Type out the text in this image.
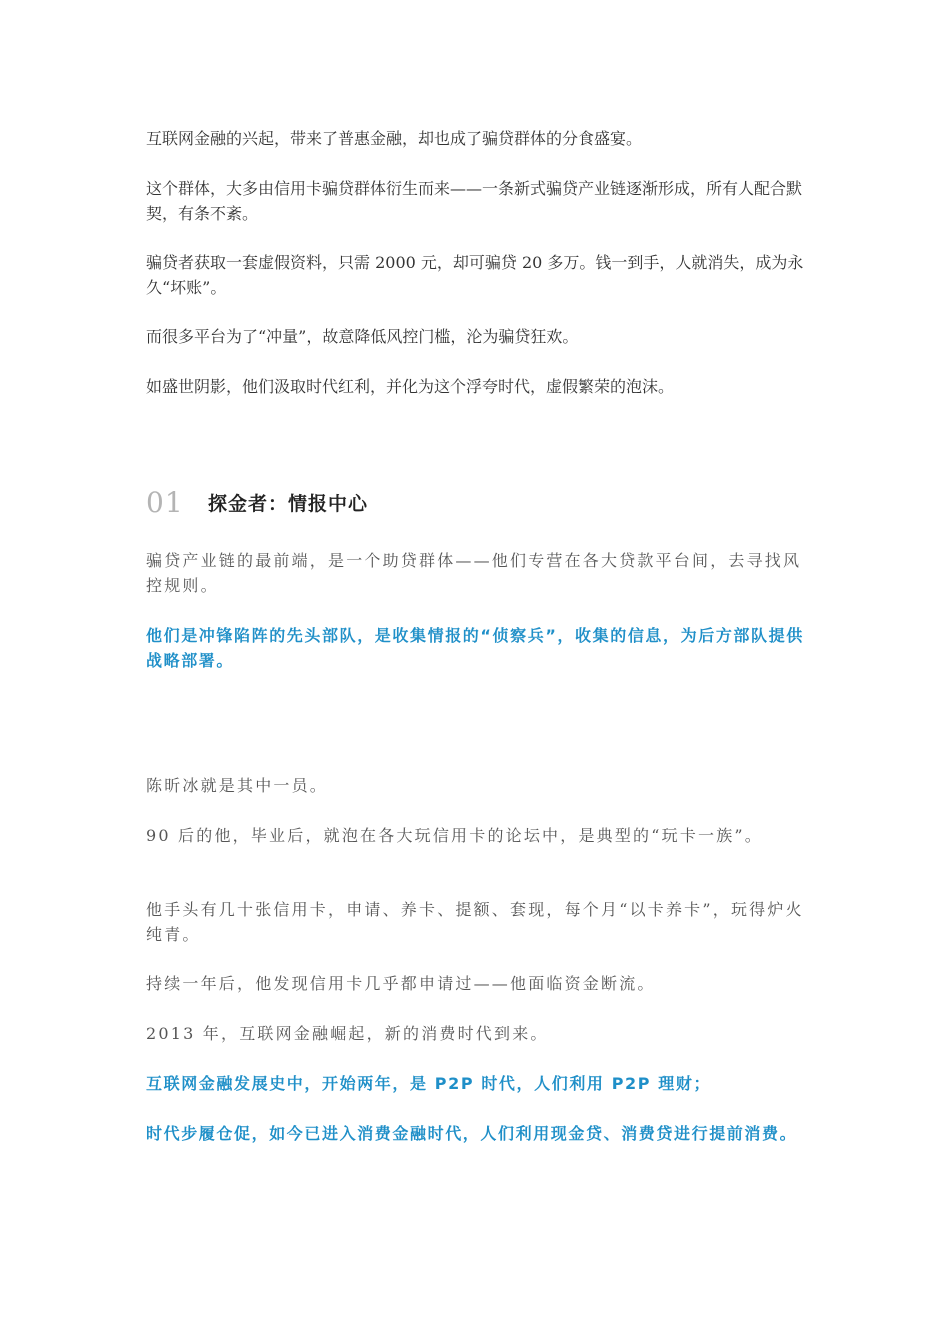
互联网金融的兴起，带来了普惠金融，却也成了骗贷群体的分食盛宴。

这个群体，大多由信用卡骗贷群体衍生而来——一条新式骗贷产业链逐渐形成，所有人配合默契，有条不紊。

骗贷者获取一套虚假资料，只需 2000 元，却可骗贷 20 多万。钱一到手，人就消失，成为永久“坏账”。

而很多平台为了“冲量”，故意降低风控门槛，沦为骗贷狂欢。

如盛世阴影，他们汲取时代红利，并化为这个浮夸时代，虚假繁荣的泡沫。

01	探金者：情报中心

骗贷产业链的最前端，是一个助贷群体——他们专营在各大贷款平台间，去寻找风控规则。

他们是冲锋陷阵的先头部队，是收集情报的“侦察兵”，收集的信息，为后方部队提供战略部署。

陈昕冰就是其中一员。

90 后的他，毕业后，就泡在各大玩信用卡的论坛中，是典型的“玩卡一族”。

他手头有几十张信用卡，申请、养卡、提额、套现，每个月“以卡养卡”，玩得炉火纯青。

持续一年后，他发现信用卡几乎都申请过——他面临资金断流。

2013 年，互联网金融崛起，新的消费时代到来。

互联网金融发展史中，开始两年，是 P2P 时代，人们利用 P2P 理财；

时代步履仓促，如今已进入消费金融时代，人们利用现金贷、消费贷进行提前消费。
